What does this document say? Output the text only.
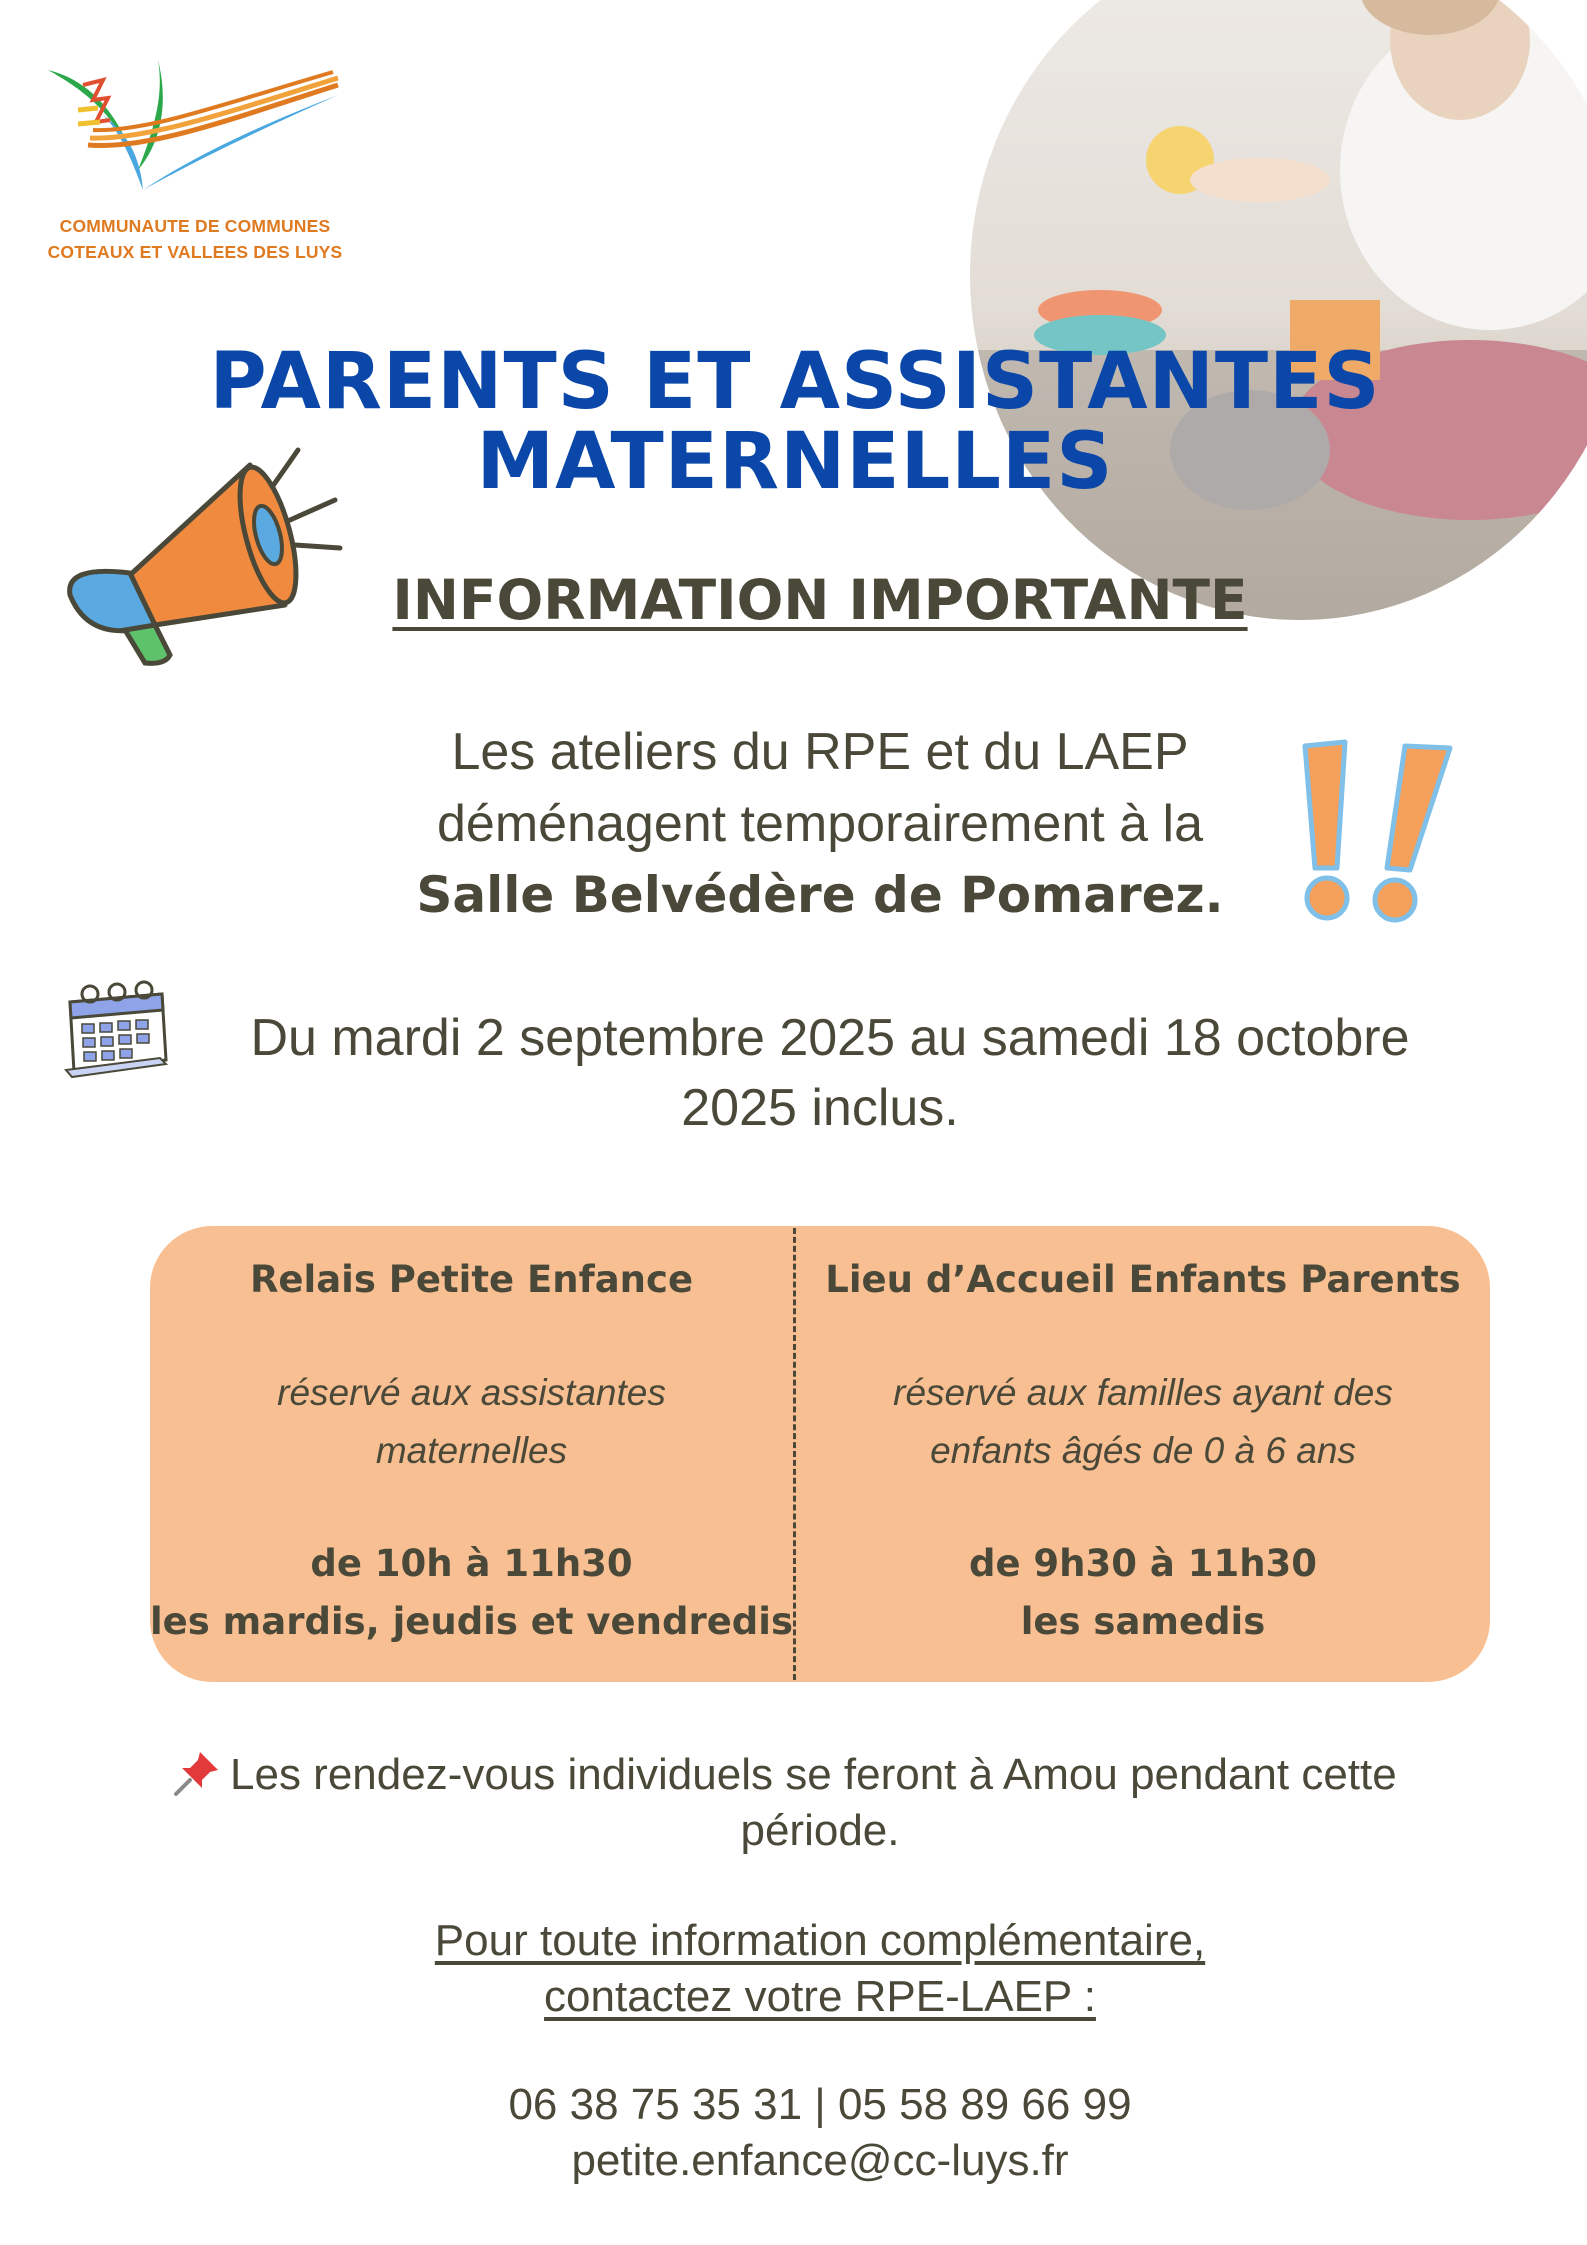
COMMUNAUTE DE COMMUNES
COTEAUX ET VALLEES DES LUYS
PARENTS ET ASSISTANTES
MATERNELLES
INFORMATION IMPORTANTE
Les ateliers du RPE et du LAEP
déménagent temporairement à la
Salle Belvédère de Pomarez.
Du mardi 2 septembre 2025 au samedi 18 octobre
2025 inclus.
Relais Petite Enfance
réservé aux assistantes
maternelles
de 10h à 11h30
les mardis, jeudis et vendredis
Lieu d’Accueil Enfants Parents
réservé aux familles ayant des
enfants âgés de 0 à 6 ans
de 9h30 à 11h30
les samedis
Les rendez-vous individuels se feront à Amou pendant cette
période.
Pour toute information complémentaire,
contactez votre RPE-LAEP :
06 38 75 35 31 | 05 58 89 66 99
petite.enfance@cc-luys.fr
